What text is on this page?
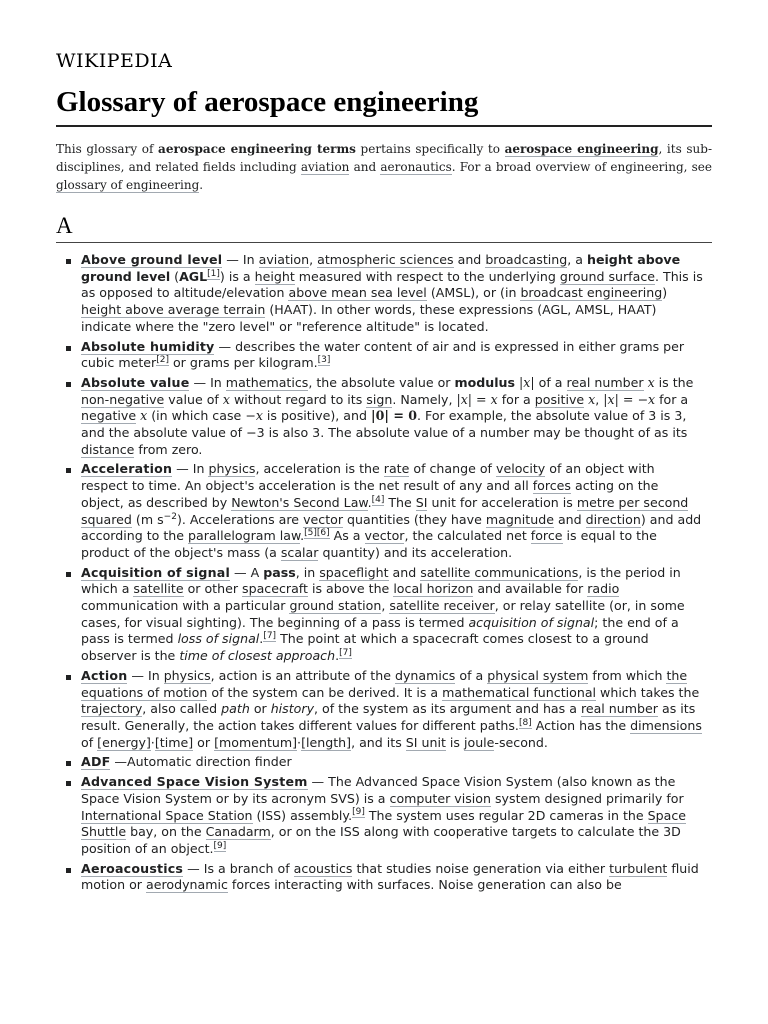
WIKIPEDIA
Glossary of aerospace engineering

This glossary of aerospace engineering terms pertains specifically to aerospace engineering, its sub-disciplines, and related fields including aviation and aeronautics. For a broad overview of engineering, see glossary of engineering.

A
Above ground level — In aviation, atmospheric sciences and broadcasting, a height above ground level (AGL[1]) is a height measured with respect to the underlying ground surface. This is as opposed to altitude/elevation above mean sea level (AMSL), or (in broadcast engineering) height above average terrain (HAAT). In other words, these expressions (AGL, AMSL, HAAT) indicate where the "zero level" or "reference altitude" is located.
Absolute humidity — describes the water content of air and is expressed in either grams per cubic meter[2] or grams per kilogram.[3]
Absolute value — In mathematics, the absolute value or modulus |x| of a real number x is the non-negative value of x without regard to its sign. Namely, |x| = x for a positive x, |x| = −x for a negative x (in which case −x is positive), and |0| = 0. For example, the absolute value of 3 is 3, and the absolute value of −3 is also 3. The absolute value of a number may be thought of as its distance from zero.
Acceleration — In physics, acceleration is the rate of change of velocity of an object with respect to time. An object's acceleration is the net result of any and all forces acting on the object, as described by Newton's Second Law.[4] The SI unit for acceleration is metre per second squared (m $s^{-2}$). Accelerations are vector quantities (they have magnitude and direction) and add according to the parallelogram law.[5][6] As a vector, the calculated net force is equal to the product of the object's mass (a scalar quantity) and its acceleration.
Acquisition of signal — A pass, in spaceflight and satellite communications, is the period in which a satellite or other spacecraft is above the local horizon and available for radio communication with a particular ground station, satellite receiver, or relay satellite (or, in some cases, for visual sighting). The beginning of a pass is termed acquisition of signal; the end of a pass is termed loss of signal.[7] The point at which a spacecraft comes closest to a ground observer is the time of closest approach.[7]
Action — In physics, action is an attribute of the dynamics of a physical system from which the equations of motion of the system can be derived. It is a mathematical functional which takes the trajectory, also called path or history, of the system as its argument and has a real number as its result. Generally, the action takes different values for different paths.[8] Action has the dimensions of [energy]⋅[time] or [momentum]⋅[length], and its SI unit is joule-second.
ADF —Automatic direction finder
Advanced Space Vision System — The Advanced Space Vision System (also known as the Space Vision System or by its acronym SVS) is a computer vision system designed primarily for International Space Station (ISS) assembly.[9] The system uses regular 2D cameras in the Space Shuttle bay, on the Canadarm, or on the ISS along with cooperative targets to calculate the 3D position of an object.[9]
Aeroacoustics — Is a branch of acoustics that studies noise generation via either turbulent fluid motion or aerodynamic forces interacting with surfaces. Noise generation can also be
